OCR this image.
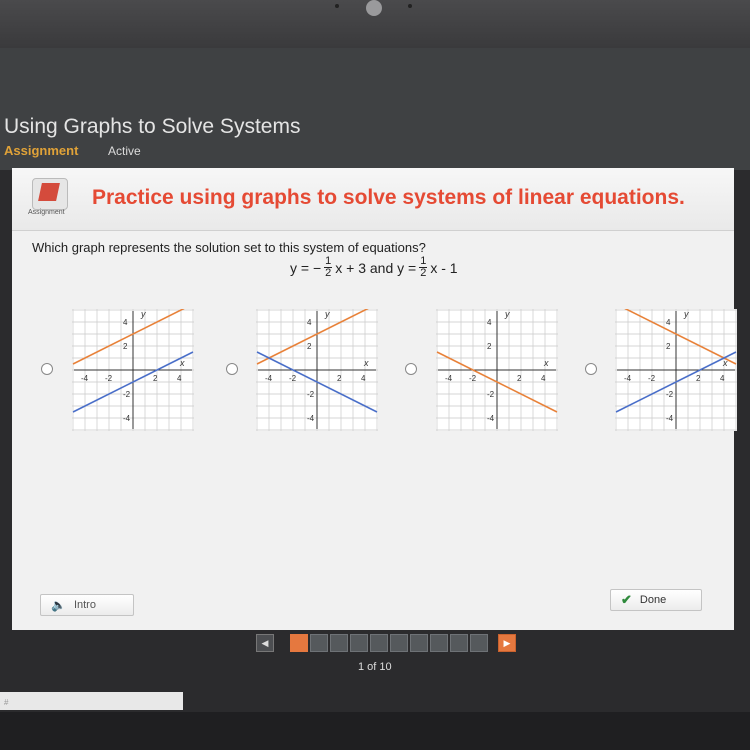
Using Graphs to Solve Systems
Assignment Active
Assignment
Practice using graphs to solve systems of linear equations.
Which graph represents the solution set to this system of equations?
y = − $\frac{1}{2}$ x + 3 and $y = \frac{1}{2}$ x - 1
y
x
-4
-4
-2
-2
2
2
4
4
y
x
-4
-4
-2
-2
2
2
4
4
y
x
-4
-4
-2
-2
2
2
4
4
y
x
-4
-4
-2
-2
2
2
4
4
🔈 Intro	✔ Done
◀	▶
1 of 10
#
